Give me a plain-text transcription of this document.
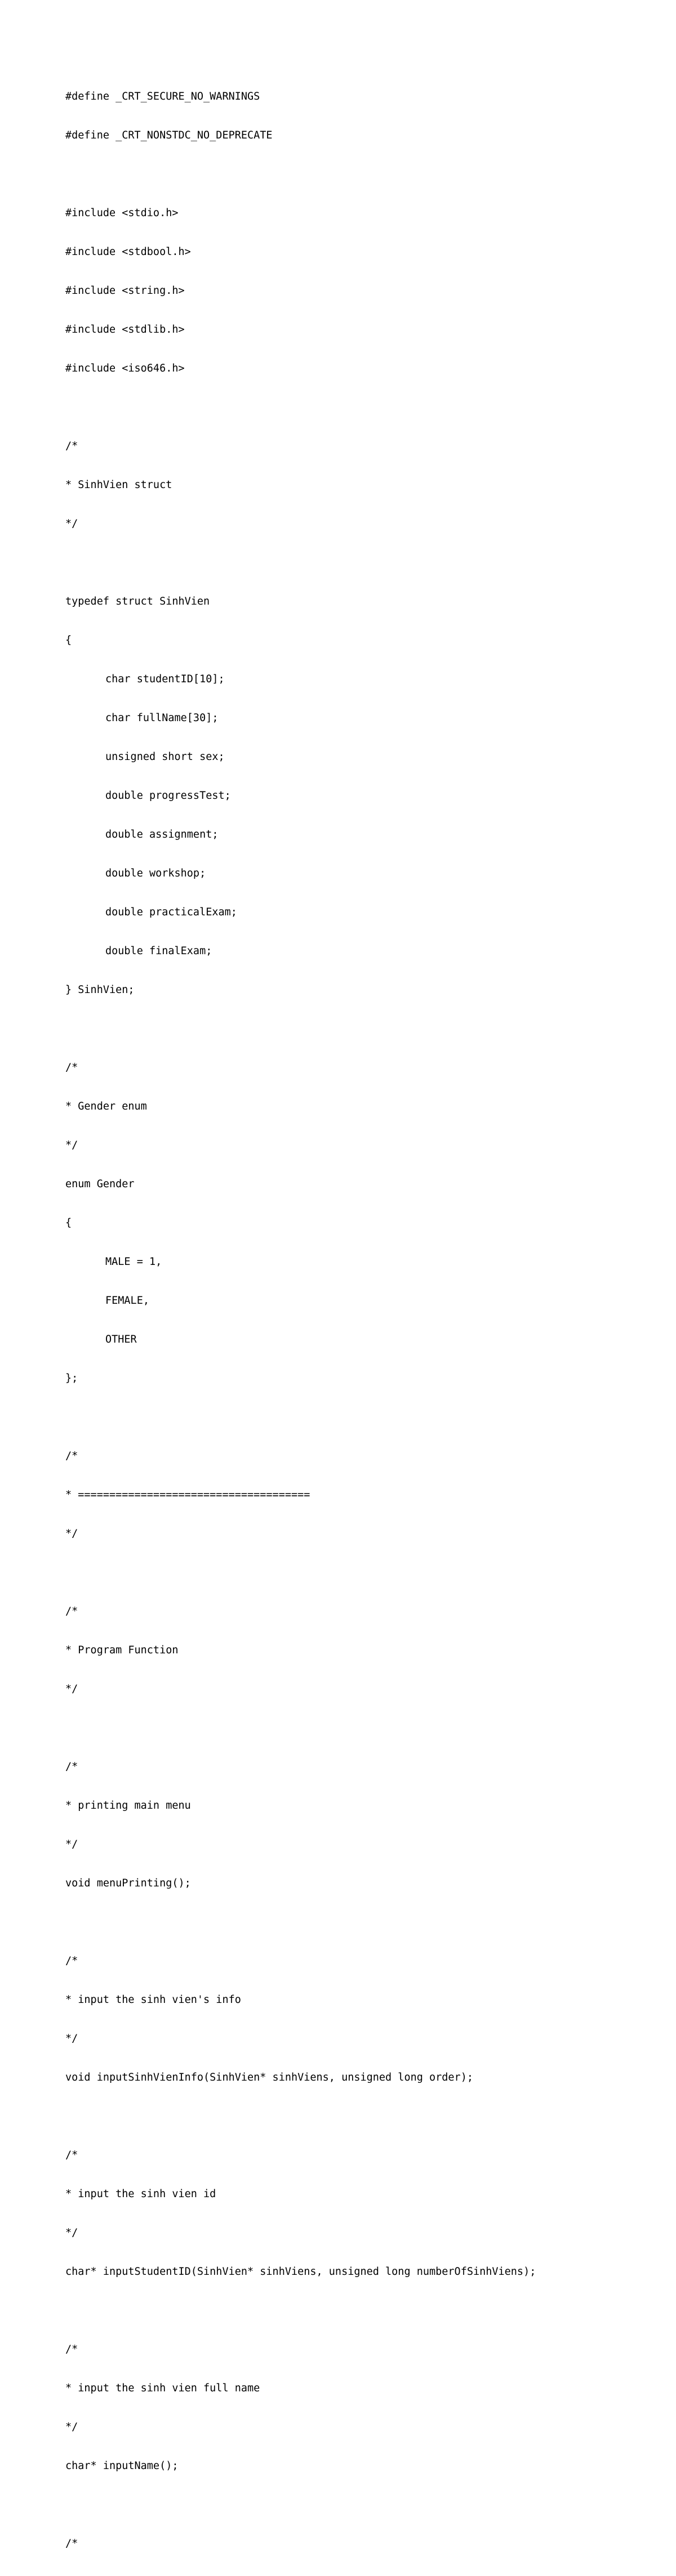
#define _CRT_SECURE_NO_WARNINGS

#define _CRT_NONSTDC_NO_DEPRECATE

#include <stdio.h>

#include <stdbool.h>

#include <string.h>

#include <stdlib.h>

#include <iso646.h>

/*

* SinhVien struct

*/

typedef struct SinhVien

{

char studentID[10];

char fullName[30];

unsigned short sex;

double progressTest;

double assignment;

double workshop;

double practicalExam;

double finalExam;

} SinhVien;

/*

* Gender enum

*/

enum Gender

{

MALE = 1,

FEMALE,

OTHER

};

/*

* =====================================

*/

/*

* Program Function

*/

/*

* printing main menu

*/

void menuPrinting();

/*

* input the sinh vien's info

*/

void inputSinhVienInfo(SinhVien* sinhViens, unsigned long order);

/*

* input the sinh vien id

*/

char* inputStudentID(SinhVien* sinhViens, unsigned long numberOfSinhViens);

/*

* input the sinh vien full name

*/

char* inputName();

/*
